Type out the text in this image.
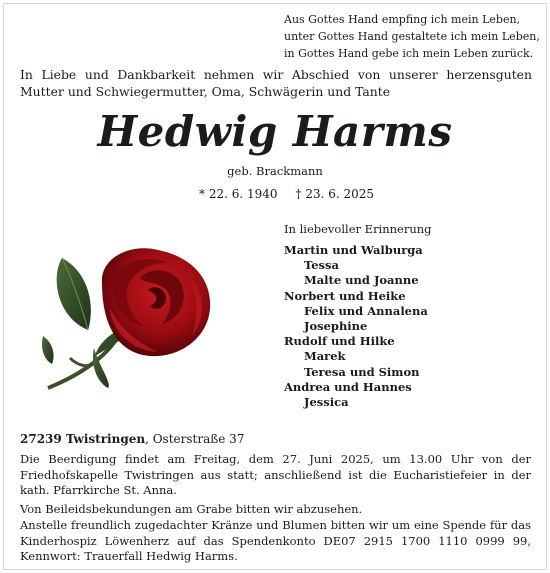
Aus Gottes Hand empfing ich mein Leben,
unter Gottes Hand gestaltete ich mein Leben,
in Gottes Hand gebe ich mein Leben zurück.
In Liebe und Dankbarkeit nehmen wir Abschied von unserer herzensguten Mutter und Schwiegermutter, Oma, Schwägerin und Tante
Hedwig Harms
geb. Brackmann
* 22. 6. 1940 † 23. 6. 2025
In liebevoller Erinnerung
Martin und Walburga
Tessa
Malte und Joanne
Norbert und Heike
Felix und Annalena
Josephine
Rudolf und Hilke
Marek
Teresa und Simon
Andrea und Hannes
Jessica
27239 Twistringen, Osterstraße 37
Die Beerdigung findet am Freitag, dem 27. Juni 2025, um 13.00 Uhr von der Friedhofskapelle Twistringen aus statt; anschließend ist die Eucharistiefeier in der kath. Pfarrkirche St. Anna.
Von Beileidsbekundungen am Grabe bitten wir abzusehen.
Anstelle freundlich zugedachter Kränze und Blumen bitten wir um eine Spende für das Kinderhospiz Löwenherz auf das Spendenkonto DE07 2915 1700 1110 0999 99, Kennwort: Trauerfall Hedwig Harms.
